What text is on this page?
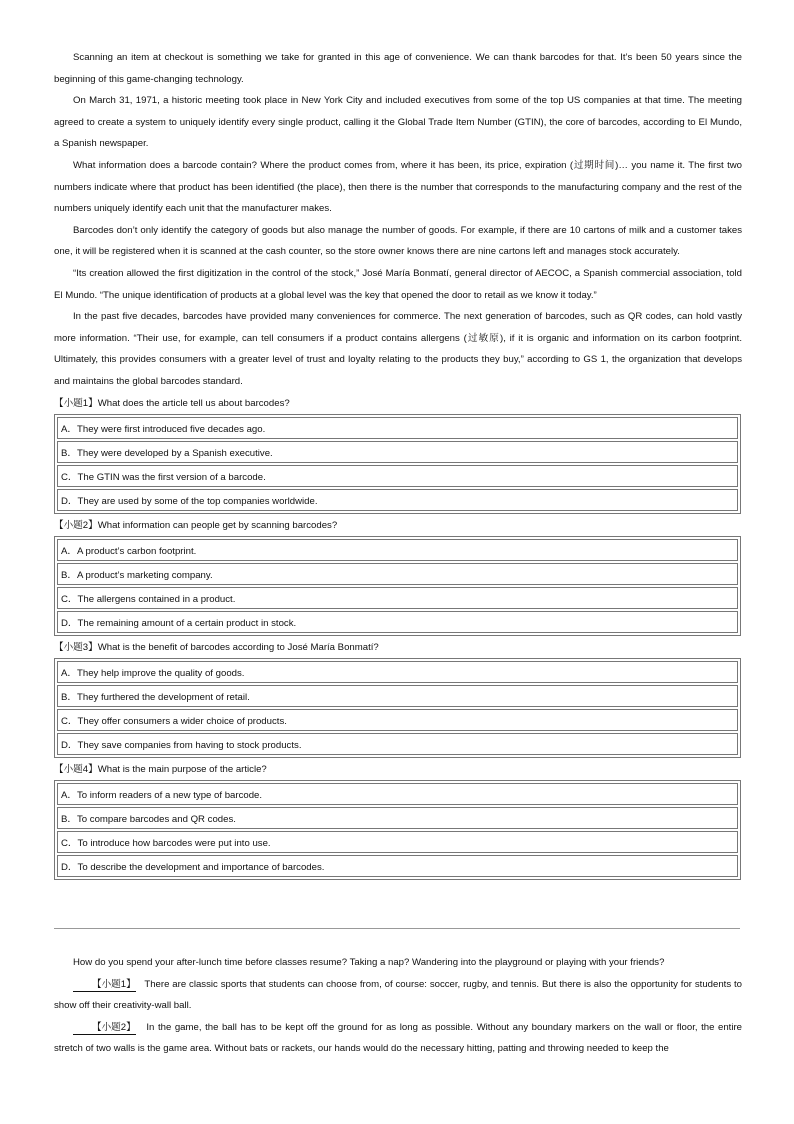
Scanning an item at checkout is something we take for granted in this age of convenience. We can thank barcodes for that. It’s been 50 years since the beginning of this game-changing technology.

On March 31, 1971, a historic meeting took place in New York City and included executives from some of the top US companies at that time. The meeting agreed to create a system to uniquely identify every single product, calling it the Global Trade Item Number (GTIN), the core of barcodes, according to El Mundo, a Spanish newspaper.

What information does a barcode contain? Where the product comes from, where it has been, its price, expiration (过期时间)… you name it. The first two numbers indicate where that product has been identified (the place), then there is the number that corresponds to the manufacturing company and the rest of the numbers uniquely identify each unit that the manufacturer makes.

Barcodes don’t only identify the category of goods but also manage the number of goods. For example, if there are 10 cartons of milk and a customer takes one, it will be registered when it is scanned at the cash counter, so the store owner knows there are nine cartons left and manages stock accurately.

“Its creation allowed the first digitization in the control of the stock,” José María Bonmatí, general director of AECOC, a Spanish commercial association, told El Mundo. “The unique identification of products at a global level was the key that opened the door to retail as we know it today.”

In the past five decades, barcodes have provided many conveniences for commerce. The next generation of barcodes, such as QR codes, can hold vastly more information. “Their use, for example, can tell consumers if a product contains allergens (过敏原), if it is organic and information on its carbon footprint. Ultimately, this provides consumers with a greater level of trust and loyalty relating to the products they buy,” according to GS 1, the organization that develops and maintains the global barcodes standard.

【小题1】What does the article tell us about barcodes?

A．They were first introduced five decades ago.
B．They were developed by a Spanish executive.
C．The GTIN was the first version of a barcode.
D．They are used by some of the top companies worldwide.

【小题2】What information can people get by scanning barcodes?

A．A product’s carbon footprint.
B．A product’s marketing company.
C．The allergens contained in a product.
D．The remaining amount of a certain product in stock.

【小题3】What is the benefit of barcodes according to José María Bonmatí?

A．They help improve the quality of goods.
B．They furthered the development of retail.
C．They offer consumers a wider choice of products.
D．They save companies from having to stock products.

【小题4】What is the main purpose of the article?

A．To inform readers of a new type of barcode.
B．To compare barcodes and QR codes.
C．To introduce how barcodes were put into use.
D．To describe the development and importance of barcodes.

How do you spend your after-lunch time before classes resume? Taking a nap? Wandering into the playground or playing with your friends?

【小题1】 There are classic sports that students can choose from, of course: soccer, rugby, and tennis. But there is also the opportunity for students to show off their creativity-wall ball.

【小题2】 In the game, the ball has to be kept off the ground for as long as possible. Without any boundary markers on the wall or floor, the entire stretch of two walls is the game area. Without bats or rackets, our hands would do the necessary hitting, patting and throwing needed to keep the
